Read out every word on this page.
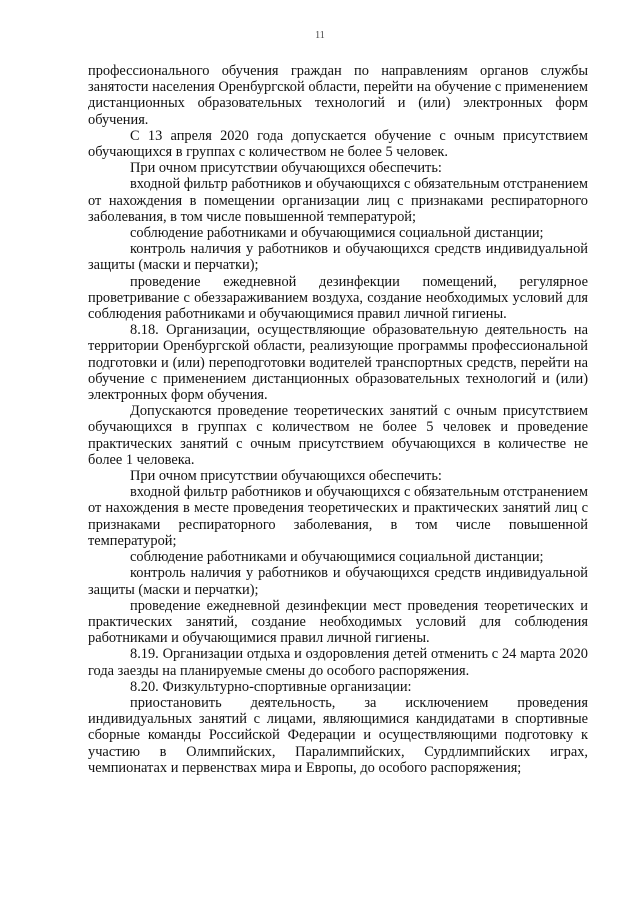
11

профессионального обучения граждан по направлениям органов службы занятости населения Оренбургской области, перейти на обучение с применением дистанционных образовательных технологий и (или) электронных форм обучения.

С 13 апреля 2020 года допускается обучение с очным присутствием обучающихся в группах с количеством не более 5 человек.

При очном присутствии обучающихся обеспечить:

входной фильтр работников и обучающихся с обязательным отстранением от нахождения в помещении организации лиц с признаками респираторного заболевания, в том числе повышенной температурой;

соблюдение работниками и обучающимися социальной дистанции;

контроль наличия у работников и обучающихся средств индивидуальной защиты (маски и перчатки);

проведение ежедневной дезинфекции помещений, регулярное проветривание с обеззараживанием воздуха, создание необходимых условий для соблюдения работниками и обучающимися правил личной гигиены.

8.18. Организации, осуществляющие образовательную деятельность на территории Оренбургской области, реализующие программы профессиональной подготовки и (или) переподготовки водителей транспортных средств, перейти на обучение с применением дистанционных образовательных технологий и (или) электронных форм обучения.

Допускаются проведение теоретических занятий с очным присутствием обучающихся в группах с количеством не более 5 человек и проведение практических занятий с очным присутствием обучающихся в количестве не более 1 человека.

При очном присутствии обучающихся обеспечить:

входной фильтр работников и обучающихся с обязательным отстранением от нахождения в месте проведения теоретических и практических занятий лиц с признаками респираторного заболевания, в том числе повышенной температурой;

соблюдение работниками и обучающимися социальной дистанции;

контроль наличия у работников и обучающихся средств индивидуальной защиты (маски и перчатки);

проведение ежедневной дезинфекции мест проведения теоретических и практических занятий, создание необходимых условий для соблюдения работниками и обучающимися правил личной гигиены.

8.19. Организации отдыха и оздоровления детей отменить с 24 марта 2020 года заезды на планируемые смены до особого распоряжения.

8.20. Физкультурно-спортивные организации:

приостановить деятельность, за исключением проведения индивидуальных занятий с лицами, являющимися кандидатами в спортивные сборные команды Российской Федерации и осуществляющими подготовку к участию в Олимпийских, Паралимпийских, Сурдлимпийских играх, чемпионатах и первенствах мира и Европы, до особого распоряжения;
